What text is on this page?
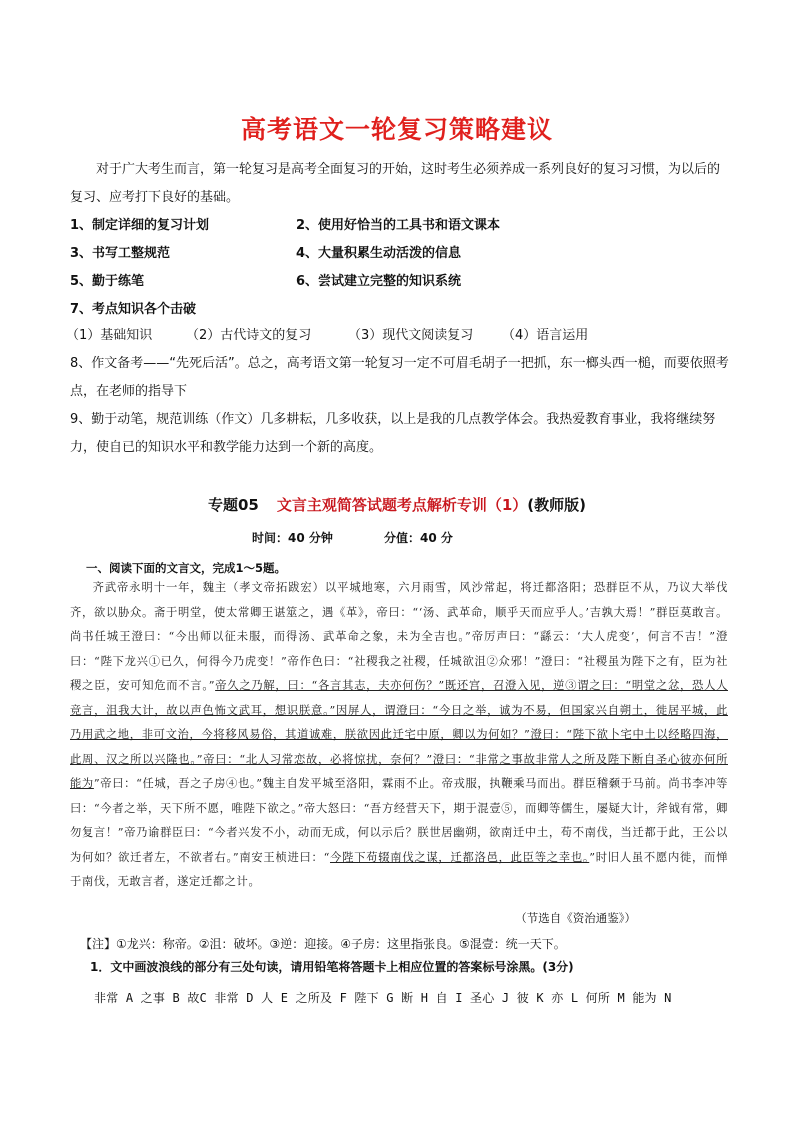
高考语文一轮复习策略建议

对于广大考生而言，第一轮复习是高考全面复习的开始，这时考生必须养成一系列良好的复习习惯，为以后的复习、应考打下良好的基础。

1、制定详细的复习计划	2、使用好恰当的工具书和语文课本
3、书写工整规范	4、大量积累生动活泼的信息
5、勤于练笔	6、尝试建立完整的知识系统
7、考点知识各个击破
（1）基础知识	（2）古代诗文的复习	（3）现代文阅读复习 （4）语言运用

8、作文备考——“先死后活”。总之，高考语文第一轮复习一定不可眉毛胡子一把抓，东一榔头西一槌，而要依照考点，在老师的指导下

9、勤于动笔，规范训练（作文）几多耕耘，几多收获，以上是我的几点教学体会。我热爱教育事业，我将继续努力，使自已的知识水平和教学能力达到一个新的高度。

专题05 文言主观简答试题考点解析专训（1）(教师版)
时间：40 分钟	分值：40 分
一、阅读下面的文言文，完成1～5题。
齐武帝永明十一年，魏主（孝文帝拓跋宏）以平城地寒，六月雨雪，风沙常起，将迁都洛阳；恐群臣不从，乃议大举伐齐，欲以胁众。斋于明堂，使太常卿王谌筮之，遇《革》，帝曰：“‘汤、武革命，顺乎天而应乎人。’吉孰大焉！”群臣莫敢言。尚书任城王澄曰：“今出师以征未服，而得汤、武革命之象，未为全吉也。”帝厉声曰：“繇云：‘大人虎变’，何言不吉！”澄曰：“陛下龙兴①已久，何得今乃虎变！”帝作色曰：“社稷我之社稷，任城欲沮②众邪！”澄曰：“社稷虽为陛下之有，臣为社稷之臣，安可知危而不言。”帝久之乃解，曰：“各言其志，夫亦何伤？”既还宫，召澄入见，逆③谓之曰：“明堂之忿，恐人人竞言，沮我大计，故以声色怖文武耳，想识朕意。”因屏人，谓澄曰：“今日之举，诚为不易，但国家兴自朔土，徙居平城，此乃用武之地，非可文治，今将移风易俗，其道诚难，朕欲因此迁宅中原，卿以为何如？”澄曰：“陛下欲卜宅中土以经略四海，此周、汉之所以兴隆也。”帝曰：“北人习常恋故，必将惊扰，奈何？”澄曰：“非常之事故非常人之所及陛下断自圣心彼亦何所能为”帝曰：“任城，吾之子房④也。”魏主自发平城至洛阳，霖雨不止。帝戎服，执鞭乘马而出。群臣稽颡于马前。尚书李冲等曰：“今者之举，天下所不愿，唯陛下欲之。”帝大怒曰：“吾方经营天下，期于混壹⑤，而卿等儒生，屡疑大计，斧钺有常，卿勿复言！”帝乃谕群臣曰：“今者兴发不小，动而无成，何以示后？朕世居幽朔，欲南迁中土，苟不南伐，当迁都于此，王公以为何如？欲迁者左，不欲者右。”南安王桢进曰：“今陛下苟辍南伐之谋，迁都洛邑，此臣等之幸也。”时旧人虽不愿内徙，而惮于南伐，无敢言者，遂定迁都之计。
（节选自《资治通鉴》）
【注】①龙兴：称帝。②沮：破坏。③逆：迎接。④子房：这里指张良。⑤混壹：统一天下。
1．文中画波浪线的部分有三处句读，请用铅笔将答题卡上相应位置的答案标号涂黑。(3分)
非常 A 之事 B 故C 非常 D 人 E 之所及 F 陛下 G 断 H 自 I 圣心 J 彼 K 亦 L 何所 M 能为 N
